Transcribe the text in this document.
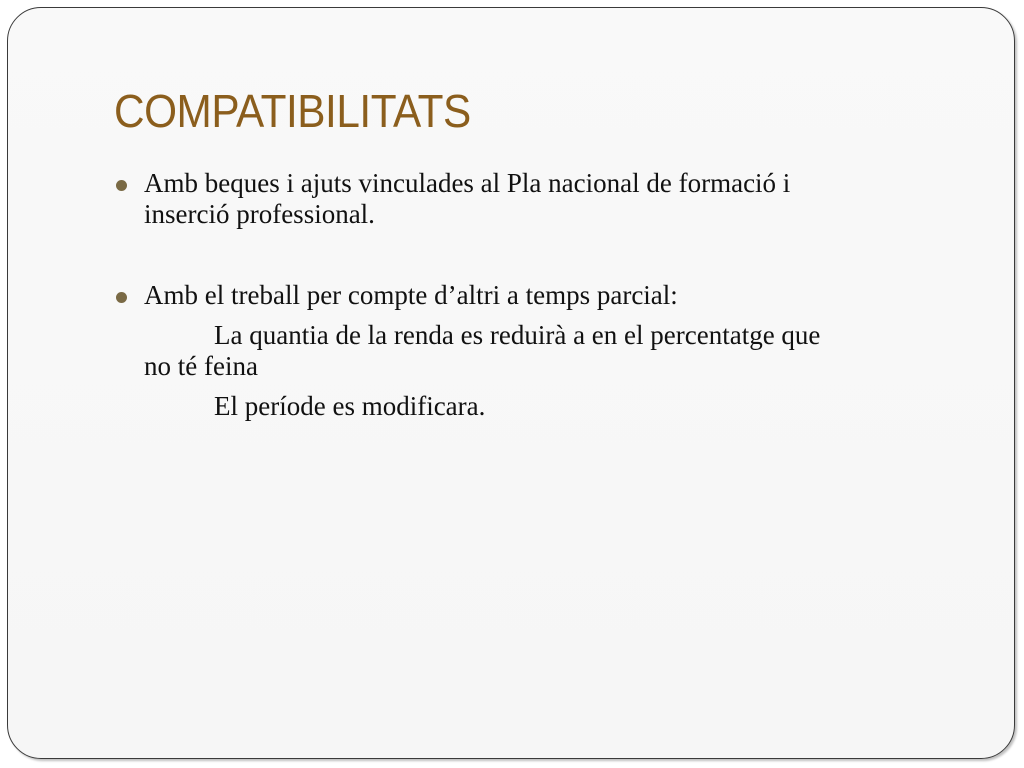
COMPATIBILITATS
Amb beques i ajuts vinculades al Pla nacional de formació i
inserció professional.
Amb el treball per compte d’altri a temps parcial:
La quantia de la renda es reduirà a en el percentatge que
no té feina
El període es modificara.
